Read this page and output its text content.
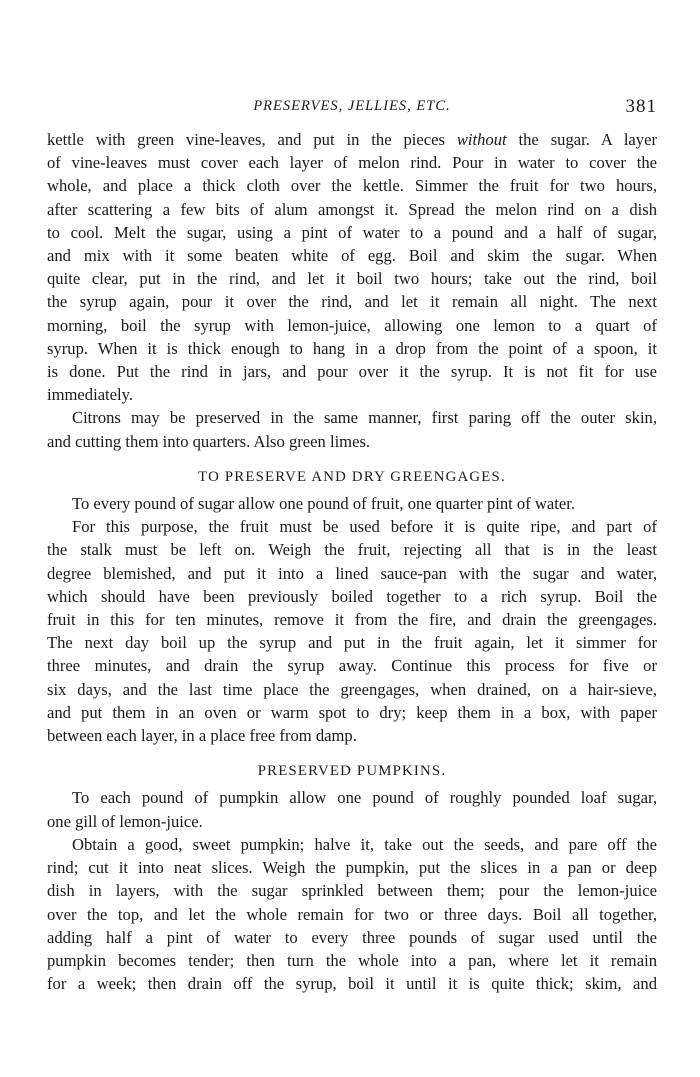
PRESERVES, JELLIES, ETC.	381

kettle with green vine-leaves, and put in the pieces without the sugar. A layer

of vine-leaves must cover each layer of melon rind. Pour in water to cover the

whole, and place a thick cloth over the kettle. Simmer the fruit for two hours,

after scattering a few bits of alum amongst it. Spread the melon rind on a dish

to cool. Melt the sugar, using a pint of water to a pound and a half of sugar,

and mix with it some beaten white of egg. Boil and skim the sugar. When

quite clear, put in the rind, and let it boil two hours; take out the rind, boil

the syrup again, pour it over the rind, and let it remain all night. The next

morning, boil the syrup with lemon-juice, allowing one lemon to a quart of

syrup. When it is thick enough to hang in a drop from the point of a spoon, it

is done. Put the rind in jars, and pour over it the syrup. It is not fit for use

immediately.

Citrons may be preserved in the same manner, first paring off the outer skin,

and cutting them into quarters. Also green limes.

TO PRESERVE AND DRY GREENGAGES.

To every pound of sugar allow one pound of fruit, one quarter pint of water.

For this purpose, the fruit must be used before it is quite ripe, and part of

the stalk must be left on. Weigh the fruit, rejecting all that is in the least

degree blemished, and put it into a lined sauce-pan with the sugar and water,

which should have been previously boiled together to a rich syrup. Boil the

fruit in this for ten minutes, remove it from the fire, and drain the greengages.

The next day boil up the syrup and put in the fruit again, let it simmer for

three minutes, and drain the syrup away. Continue this process for five or

six days, and the last time place the greengages, when drained, on a hair-sieve,

and put them in an oven or warm spot to dry; keep them in a box, with paper

between each layer, in a place free from damp.

PRESERVED PUMPKINS.

To each pound of pumpkin allow one pound of roughly pounded loaf sugar,

one gill of lemon-juice.

Obtain a good, sweet pumpkin; halve it, take out the seeds, and pare off the

rind; cut it into neat slices. Weigh the pumpkin, put the slices in a pan or deep

dish in layers, with the sugar sprinkled between them; pour the lemon-juice

over the top, and let the whole remain for two or three days. Boil all together,

adding half a pint of water to every three pounds of sugar used until the

pumpkin becomes tender; then turn the whole into a pan, where let it remain

for a week; then drain off the syrup, boil it until it is quite thick; skim, and
